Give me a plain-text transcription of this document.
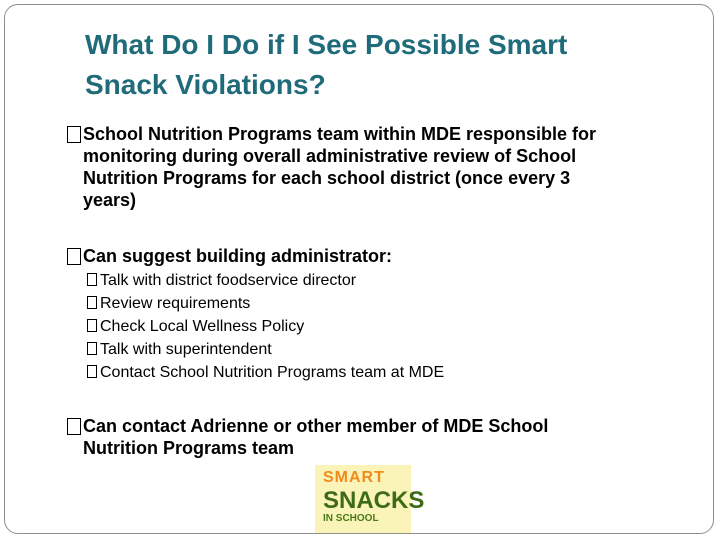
What Do I Do if I See Possible Smart
Snack Violations?
School Nutrition Programs team within MDE responsible for
monitoring during overall administrative review of School
Nutrition Programs for each school district (once every 3
years)
Can suggest building administrator:
Talk with district foodservice director
Review requirements
Check Local Wellness Policy
Talk with superintendent
Contact School Nutrition Programs team at MDE
Can contact Adrienne or other member of MDE School
Nutrition Programs team
SMART
SNACKS
IN SCHOOL
